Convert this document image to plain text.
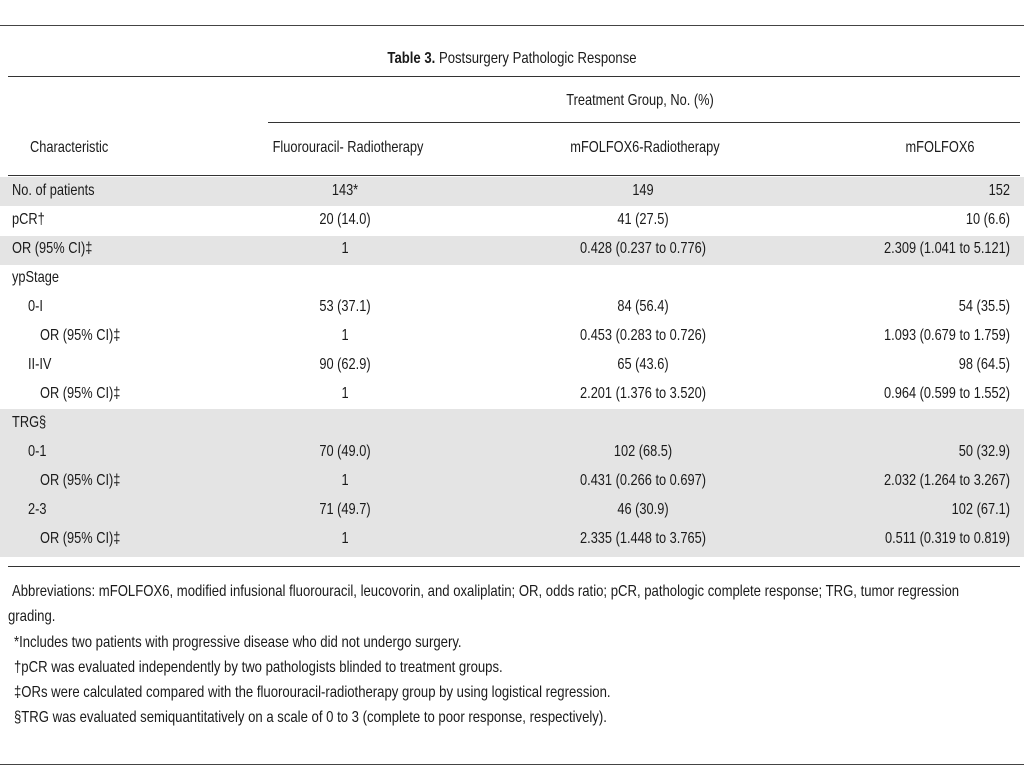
Table 3. Postsurgery Pathologic Response
Treatment Group, No. (%)
Characteristic	Fluorouracil- Radiotherapy	mFOLFOX6-Radiotherapy	mFOLFOX6
No. of patients	143*	149	152
pCR†	20 (14.0)	41 (27.5)	10 (6.6)
OR (95% CI)‡	1	0.428 (0.237 to 0.776)	2.309 (1.041 to 5.121)
ypStage
0-I	53 (37.1)	84 (56.4)	54 (35.5)
OR (95% CI)‡	1	0.453 (0.283 to 0.726)	1.093 (0.679 to 1.759)
II-IV	90 (62.9)	65 (43.6)	98 (64.5)
OR (95% CI)‡	1	2.201 (1.376 to 3.520)	0.964 (0.599 to 1.552)
TRG§
0-1	70 (49.0)	102 (68.5)	50 (32.9)
OR (95% CI)‡	1	0.431 (0.266 to 0.697)	2.032 (1.264 to 3.267)
2-3	71 (49.7)	46 (30.9)	102 (67.1)
OR (95% CI)‡	1	2.335 (1.448 to 3.765)	0.511 (0.319 to 0.819)
Abbreviations: mFOLFOX6, modified infusional fluorouracil, leucovorin, and oxaliplatin; OR, odds ratio; pCR, pathologic complete response; TRG, tumor regression
grading.
*Includes two patients with progressive disease who did not undergo surgery.
†pCR was evaluated independently by two pathologists blinded to treatment groups.
‡ORs were calculated compared with the fluorouracil-radiotherapy group by using logistical regression.
§TRG was evaluated semiquantitatively on a scale of 0 to 3 (complete to poor response, respectively).
